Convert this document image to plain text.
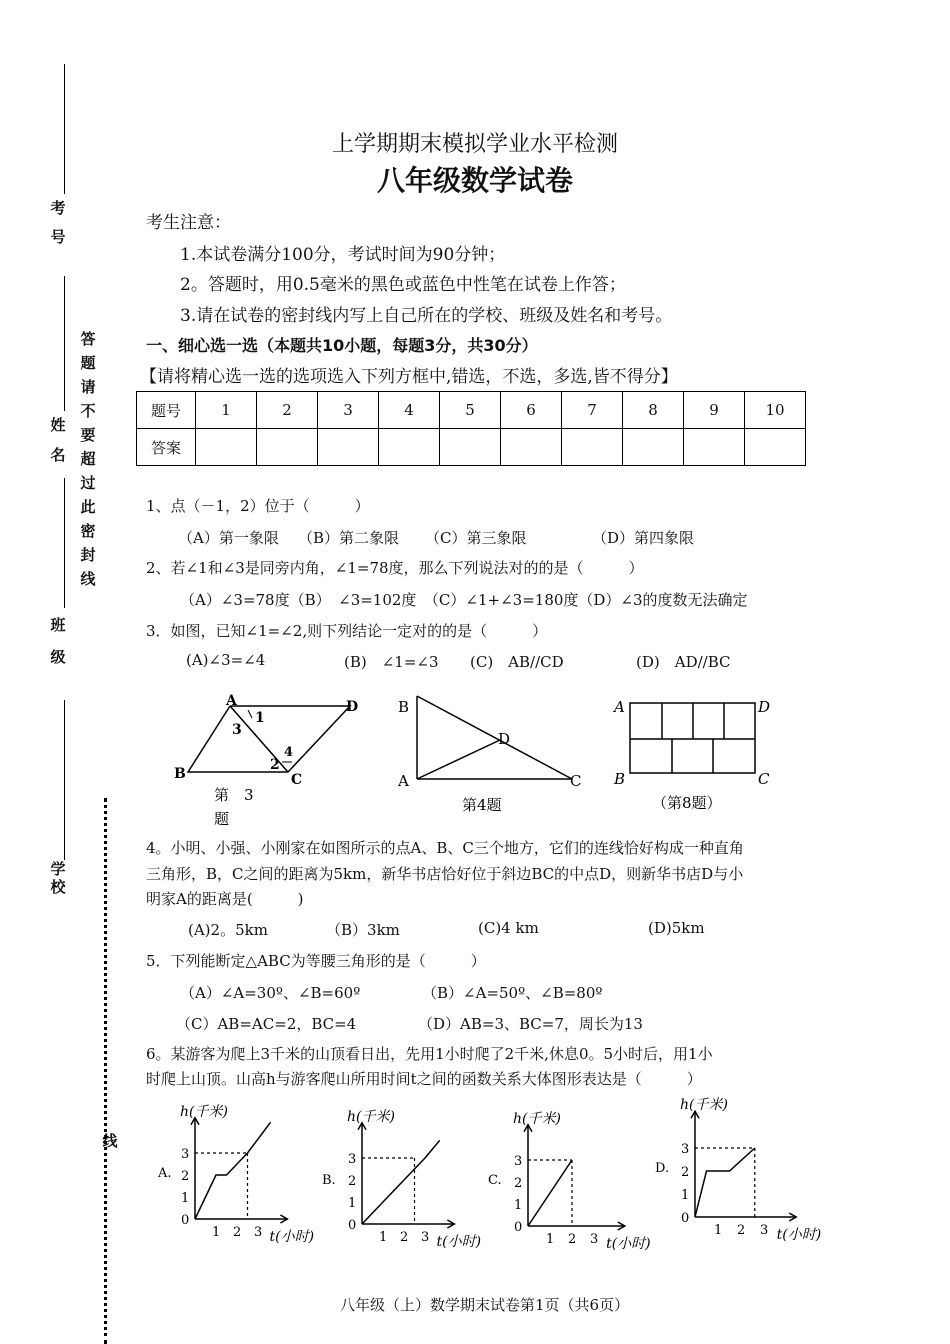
考
号
姓
名
班
级
学校
答
题
请
不
要
超
过
此
密
封
线
线
上学期期末模拟学业水平检测
八年级数学试卷
考生注意：
1.本试卷满分100分，考试时间为90分钟；
2。答题时，用0.5毫米的黑色或蓝色中性笔在试卷上作答；
3.请在试卷的密封线内写上自己所在的学校、班级及姓名和考号。
一、细心选一选（本题共10小题，每题3分，共30分）
【请将精心选一选的选项选入下列方框中,错选，不选，多选,皆不得分】
题号	1	2	3	4	5	6	7	8	9	10
答案										
1、点（－1，2）位于（　　　）
（A）第一象限 （B）第二象限 （C）第三象限	（D）第四象限
2、若∠1和∠3是同旁内角，∠1=78度，那么下列说法对的的是（　　　）
（A）∠3=78度（B）　∠3=102度　（C）∠1+∠3=180度（D）∠3的度数无法确定
3．如图，已知∠1=∠2,则下列结论一定对的的是（　　　）
(A)∠3=∠4	(B)　∠1=∠3 (C)　AB//CD	(D)　AD//BC
A
B	C
D
1
2
3
4
第　3
题
B
D
A	C
第4题
A	D
B	C
（第8题）
4。小明、小强、小刚家在如图所示的点A、B、C三个地方，它们的连线恰好构成一种直角
三角形，B，C之间的距离为5km，新华书店恰好位于斜边BC的中点D，则新华书店D与小
明家A的距离是(　　　)
(A)2。5km	（B）3km	(C)4 km	(D)5km
5．下列能断定△ABC为等腰三角形的是（　　　）
（A）∠A=30º、∠B=60º	（B）∠A=50º、∠B=80º
（C）AB=AC=2，BC=4	（D）AB=3、BC=7，周长为13
6。某游客为爬上3千米的山顶看日出，先用1小时爬了2千米,休息0。5小时后，用1小
时爬上山顶。山高h与游客爬山所用时间t之间的函数关系大体图形表达是（　　　）
0
1
2
3
1 2 3
h(千米)
t(小时)
A.
0
1
2
3
1 2 3
h(千米)
t(小时)
B.
0
1
2
3
1 2 3
h(千米)
t(小时)
C.
0
1
2
3
1 2 3
h(千米)
t(小时)
D.
八年级（上）数学期末试卷第1页（共6页）
